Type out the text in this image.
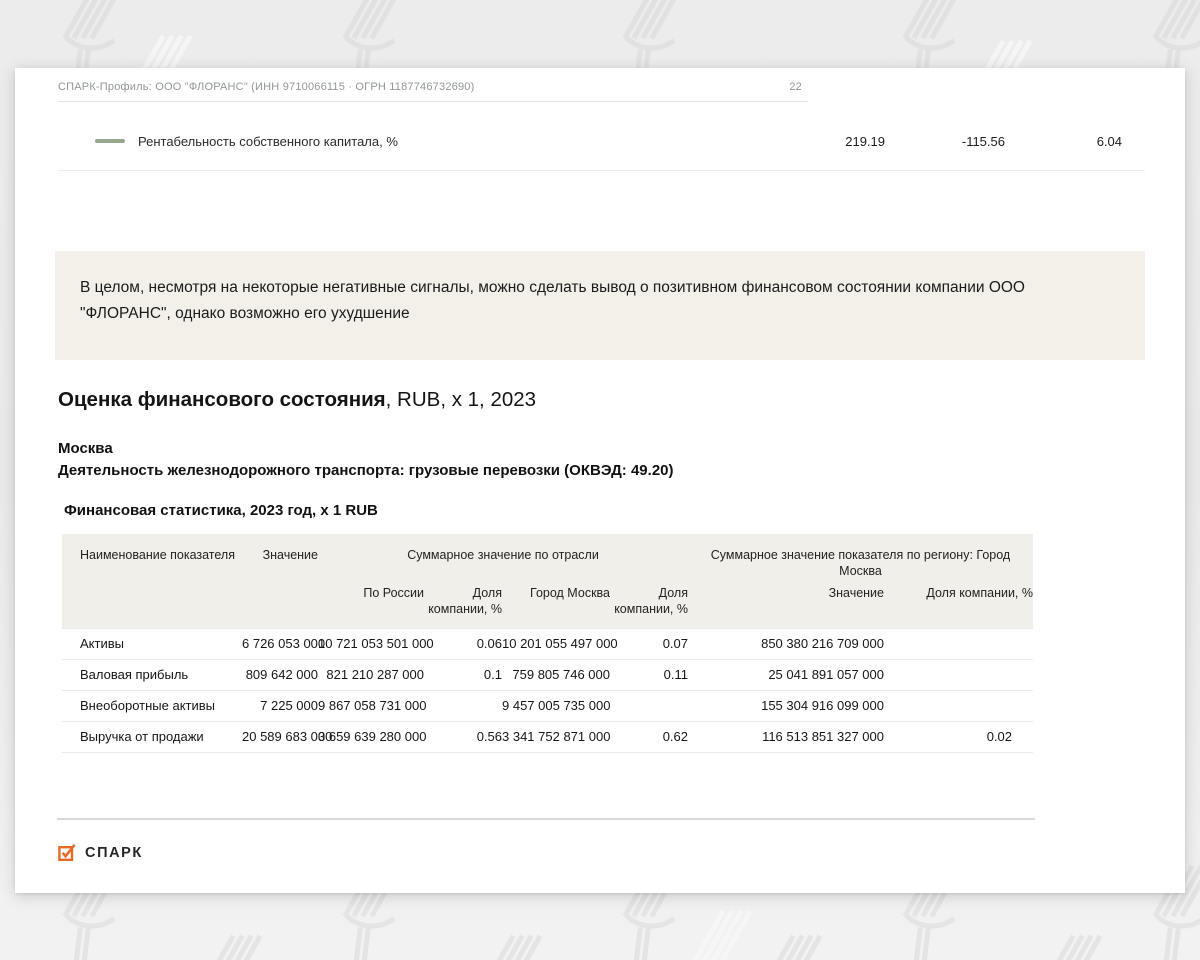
СПАРК-Профиль: ООО "ФЛОРАНС" (ИНН 9710066115 · ОГРН 1187746732690)	22
Рентабельность собственного капитала, %	219.19	-115.56	6.04
В целом, несмотря на некоторые негативные сигналы, можно сделать вывод о позитивном финансовом состоянии компании ООО "ФЛОРАНС", однако возможно его ухудшение
Оценка финансового состояния, RUB, x 1, 2023
Москва
Деятельность железнодорожного транспорта: грузовые перевозки (ОКВЭД: 49.20)
Финансовая статистика, 2023 год, x 1 RUB
Наименование показателя	Значение	Суммарное значение по отрасли				Суммарное значение показателя по региону: Город Москва	
		По России	Доля компании, %	Город Москва	Доля компании, %	Значение	Доля компании, %
Активы	6 726 053 000	10 721 053 501 000	0.06	10 201 055 497 000	0.07	850 380 216 709 000	
Валовая прибыль	809 642 000	821 210 287 000	0.1	759 805 746 000	0.11	25 041 891 057 000	
Внеоборотные активы	7 225 000	9 867 058 731 000		9 457 005 735 000		155 304 916 099 000	
Выручка от продажи	20 589 683 000	3 659 639 280 000	0.56	3 341 752 871 000	0.62	116 513 851 327 000	0.02
СПАРК
